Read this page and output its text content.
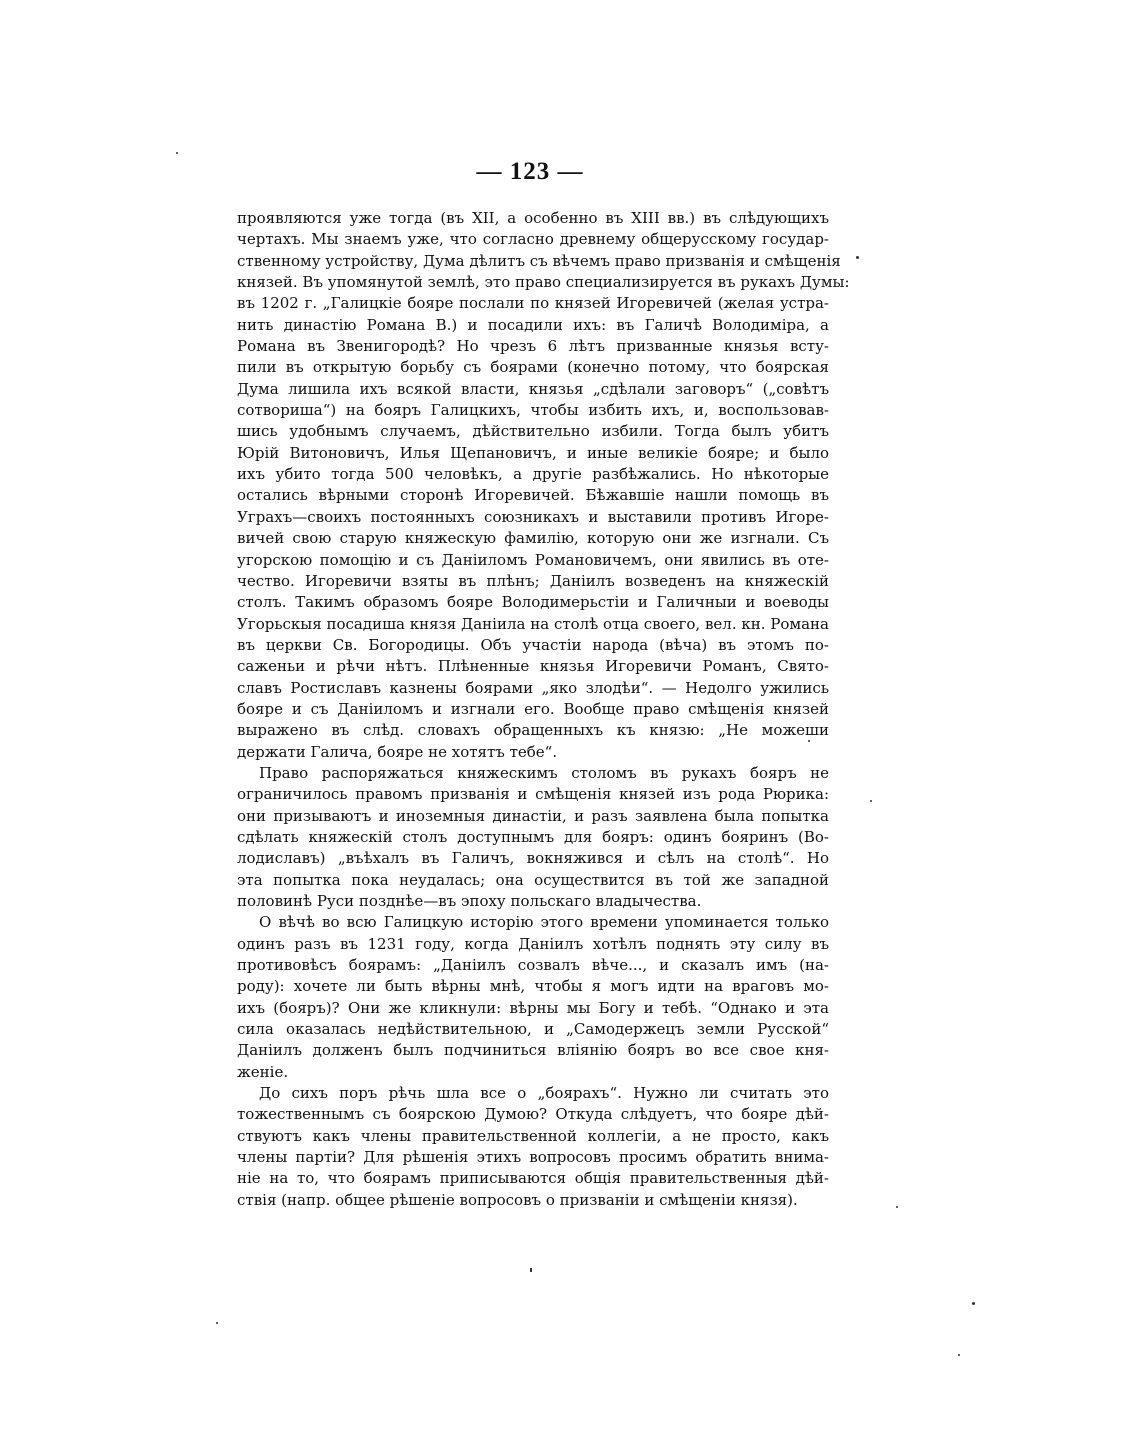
— 123 —
проявляются уже тогда (въ XII, а особенно въ XIII вв.) въ слѣдующихъ
чертахъ. Мы знаемъ уже, что согласно древнему общерусскому государ-
ственному устройству, Дума дѣлитъ съ вѣчемъ право призванія и смѣщенія
князей. Въ упомянутой землѣ, это право специализируется въ рукахъ Думы:
въ 1202 г. „Галицкіе бояре послали по князей Игоревичей (желая устра-
нить династію Романа В.) и посадили ихъ: въ Галичѣ Володиміра, а
Романа въ Звенигородѣ? Но чрезъ 6 лѣтъ призванные князья всту-
пили въ открытую борьбу съ боярами (конечно потому, что боярская
Дума лишила ихъ всякой власти, князья „сдѣлали заговоръ“ („совѣтъ
сотвориша“) на бояръ Галицкихъ, чтобы избить ихъ, и, воспользовав-
шись удобнымъ случаемъ, дѣйствительно избили. Тогда былъ убитъ
Юрій Витоновичъ, Илья Щепановичъ, и иные великіе бояре; и было
ихъ убито тогда 500 человѣкъ, а другіе разбѣжались. Но нѣкоторые
остались вѣрными сторонѣ Игоревичей. Бѣжавшіе нашли помощь въ
Уграхъ—своихъ постоянныхъ союзникахъ и выставили противъ Игоре-
вичей свою старую княжескую фамилію, которую они же изгнали. Съ
угорскою помощію и съ Даніиломъ Романовичемъ, они явились въ оте-
чество. Игоревичи взяты въ плѣнъ; Даніилъ возведенъ на княжескій
столъ. Такимъ образомъ бояре Володимерьстіи и Галичныи и воеводы
Угорьскыя посадиша князя Даніила на столѣ отца своего, вел. кн. Романа
въ церкви Св. Богородицы. Объ участіи народа (вѣча) въ этомъ по-
саженьи и рѣчи нѣтъ. Плѣненные князья Игоревичи Романъ, Свято-
славъ Ростиславъ казнены боярами „яко злодѣи“. — Недолго ужились
бояре и съ Даніиломъ и изгнали его. Вообще право смѣщенія князей
выражено въ слѣд. словахъ обращенныхъ къ князю: „Не можеши
держати Галича, бояре не хотятъ тебе“.
Право распоряжаться княжескимъ столомъ въ рукахъ бояръ не
ограничилось правомъ призванія и смѣщенія князей изъ рода Рюрика:
они призываютъ и иноземныя династіи, и разъ заявлена была попытка
сдѣлать княжескій столъ доступнымъ для бояръ: одинъ бояринъ (Во-
лодиславъ) „въѣхалъ въ Галичъ, вокняжився и сѣлъ на столѣ“. Но
эта попытка пока неудалась; она осуществится въ той же западной
половинѣ Руси позднѣе—въ эпоху польскаго владычества.
О вѣчѣ во всю Галицкую исторію этого времени упоминается только
одинъ разъ въ 1231 году, когда Даніилъ хотѣлъ поднять эту силу въ
противовѣсъ боярамъ: „Даніилъ созвалъ вѣче..., и сказалъ имъ (на-
роду): хочете ли быть вѣрны мнѣ, чтобы я могъ идти на враговъ мо-
ихъ (бояръ)? Они же кликнули: вѣрны мы Богу и тебѣ. “Однако и эта
сила оказалась недѣйствительною, и „Самодержецъ земли Русской“
Даніилъ долженъ былъ подчиниться вліянію бояръ во все свое кня-
женіе.
До сихъ поръ рѣчь шла все о „боярахъ“. Нужно ли считать это
тожественнымъ съ боярскою Думою? Откуда слѣдуетъ, что бояре дѣй-
ствуютъ какъ члены правительственной коллегіи, а не просто, какъ
члены партіи? Для рѣшенія этихъ вопросовъ просимъ обратить внима-
ніе на то, что боярамъ приписываются общія правительственныя дѣй-
ствія (напр. общее рѣшеніе вопросовъ о призваніи и смѣщеніи князя).
